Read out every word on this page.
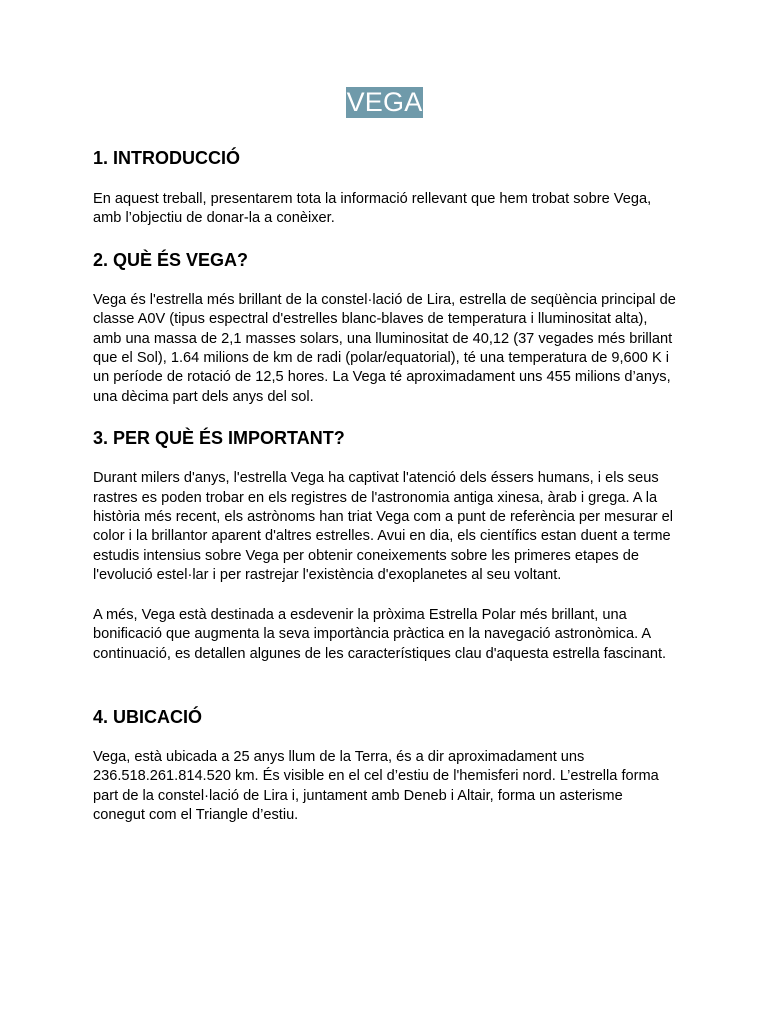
VEGA
1. INTRODUCCIÓ

En aquest treball, presentarem tota la informació rellevant que hem trobat sobre Vega, amb l’objectiu de donar-la a conèixer.

2. QUÈ ÉS VEGA?

Vega és l'estrella més brillant de la constel·lació de Lira, estrella de seqüència principal de classe A0V (tipus espectral d'estrelles blanc-blaves de temperatura i lluminositat alta), amb una massa de 2,1 masses solars, una lluminositat de 40,12 (37 vegades més brillant que el Sol), 1.64 milions de km de radi (polar/equatorial), té una temperatura de 9,600 K i un període de rotació de 12,5 hores. La Vega té aproximadament uns 455 milions d’anys, una dècima part dels anys del sol.

3. PER QUÈ ÉS IMPORTANT?

Durant milers d'anys, l'estrella Vega ha captivat l'atenció dels éssers humans, i els seus rastres es poden trobar en els registres de l'astronomia antiga xinesa, àrab i grega. A la història més recent, els astrònoms han triat Vega com a punt de referència per mesurar el color i la brillantor aparent d'altres estrelles. Avui en dia, els científics estan duent a terme estudis intensius sobre Vega per obtenir coneixements sobre les primeres etapes de l'evolució estel·lar i per rastrejar l'existència d'exoplanetes al seu voltant.

A més, Vega està destinada a esdevenir la pròxima Estrella Polar més brillant, una bonificació que augmenta la seva importància pràctica en la navegació astronòmica. A continuació, es detallen algunes de les característiques clau d'aquesta estrella fascinant.

4. UBICACIÓ

Vega, està ubicada a 25 anys llum de la Terra, és a dir aproximadament uns 236.518.261.814.520 km. És visible en el cel d’estiu de l'hemisferi nord. L’estrella forma part de la constel·lació de Lira i, juntament amb Deneb i Altair, forma un asterisme conegut com el Triangle d’estiu.
